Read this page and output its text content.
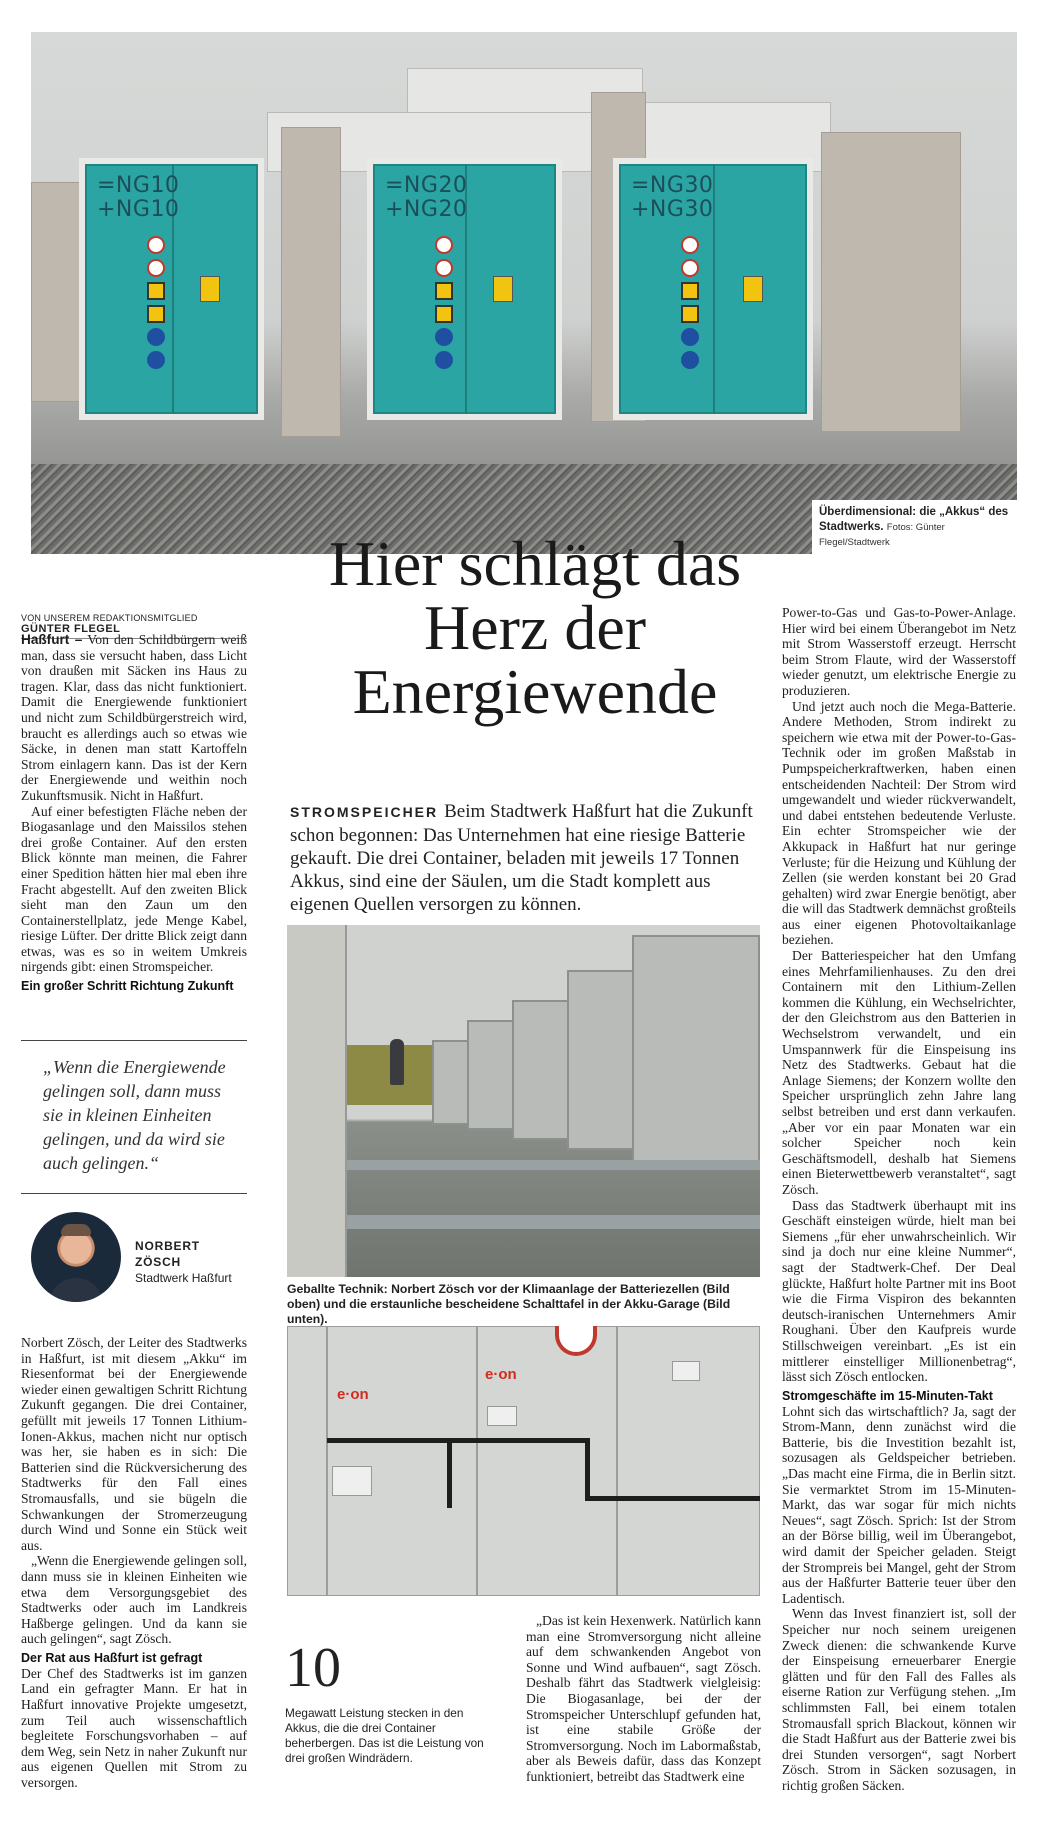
=NG10
+NG10
=NG20
+NG20
=NG30
+NG30
Überdimensional: die „Akkus“ des Stadtwerks. Fotos: Günter Flegel/Stadtwerk
Hier schlägt das Herz der Energiewende
STROMSPEICHER Beim Stadtwerk Haßfurt hat die Zukunft schon begonnen: Das Unternehmen hat eine riesige Batterie gekauft. Die drei Container, beladen mit jeweils 17 Tonnen Akkus, sind eine der Säulen, um die Stadt komplett aus eigenen Quellen versorgen zu können.
VON UNSEREM REDAKTIONSMITGLIED GÜNTER FLEGEL

Haßfurt – Von den Schildbürgern weiß man, dass sie versucht haben, dass Licht von draußen mit Säcken ins Haus zu tragen. Klar, dass das nicht funktioniert. Damit die Energiewende funktioniert und nicht zum Schildbürgerstreich wird, braucht es allerdings auch so etwas wie Säcke, in denen man statt Kartoffeln Strom einlagern kann. Das ist der Kern der Energiewende und weithin noch Zukunftsmusik. Nicht in Haßfurt.

Auf einer befestigten Fläche neben der Biogasanlage und den Maissilos stehen drei große Container. Auf den ersten Blick könnte man meinen, die Fahrer einer Spedition hätten hier mal eben ihre Fracht abgestellt. Auf den zweiten Blick sieht man den Zaun um den Containerstellplatz, jede Menge Kabel, riesige Lüfter. Der dritte Blick zeigt dann etwas, was es so in weitem Umkreis nirgends gibt: einen Stromspeicher.

Ein großer Schritt Richtung Zukunft
„Wenn die Energiewende gelingen soll, dann muss sie in kleinen Einheiten gelingen, und da wird sie auch gelingen.“
NORBERT ZÖSCH
Stadtwerk Haßfurt

Norbert Zösch, der Leiter des Stadtwerks in Haßfurt, ist mit diesem „Akku“ im Riesenformat bei der Energiewende wieder einen gewaltigen Schritt Richtung Zukunft gegangen. Die drei Container, gefüllt mit jeweils 17 Tonnen Lithium-Ionen-Akkus, machen nicht nur optisch was her, sie haben es in sich: Die Batterien sind die Rückversicherung des Stadtwerks für den Fall eines Stromausfalls, und sie bügeln die Schwankungen der Stromerzeugung durch Wind und Sonne ein Stück weit aus.

„Wenn die Energiewende gelingen soll, dann muss sie in kleinen Einheiten wie etwa dem Versorgungsgebiet des Stadtwerks oder auch im Landkreis Haßberge gelingen. Und da kann sie auch gelingen“, sagt Zösch.

Der Rat aus Haßfurt ist gefragt

Der Chef des Stadtwerks ist im ganzen Land ein gefragter Mann. Er hat in Haßfurt innovative Projekte umgesetzt, zum Teil auch wissenschaftlich begleitete Forschungsvorhaben – auf dem Weg, sein Netz in naher Zukunft nur aus eigenen Quellen mit Strom zu versorgen.

Geballte Technik: Norbert Zösch vor der Klimaanlage der Batteriezellen (Bild oben) und die erstaunliche bescheidene Schalttafel in der Akku-Garage (Bild unten).
e·on
e·on
10
Megawatt Leistung stecken in den Akkus, die die drei Container beherbergen. Das ist die Leistung von drei großen Windrädern.

„Das ist kein Hexenwerk. Natürlich kann man eine Stromversorgung nicht alleine auf dem schwankenden Angebot von Sonne und Wind aufbauen“, sagt Zösch. Deshalb fährt das Stadtwerk vielgleisig: Die Biogasanlage, bei der der Stromspeicher Unterschlupf gefunden hat, ist eine stabile Größe der Stromversorgung. Noch im Labormaßstab, aber als Beweis dafür, dass das Konzept funktioniert, betreibt das Stadtwerk eine

Power-to-Gas und Gas-to-Power-Anlage. Hier wird bei einem Überangebot im Netz mit Strom Wasserstoff erzeugt. Herrscht beim Strom Flaute, wird der Wasserstoff wieder genutzt, um elektrische Energie zu produzieren.

Und jetzt auch noch die Mega-Batterie. Andere Methoden, Strom indirekt zu speichern wie etwa mit der Power-to-Gas-Technik oder im großen Maßstab in Pumpspeicherkraftwerken, haben einen entscheidenden Nachteil: Der Strom wird umgewandelt und wieder rückverwandelt, und dabei entstehen bedeutende Verluste. Ein echter Stromspeicher wie der Akkupack in Haßfurt hat nur geringe Verluste; für die Heizung und Kühlung der Zellen (sie werden konstant bei 20 Grad gehalten) wird zwar Energie benötigt, aber die will das Stadtwerk demnächst großteils aus einer eigenen Photovoltaikanlage beziehen.

Der Batteriespeicher hat den Umfang eines Mehrfamilienhauses. Zu den drei Containern mit den Lithium-Zellen kommen die Kühlung, ein Wechselrichter, der den Gleichstrom aus den Batterien in Wechselstrom verwandelt, und ein Umspannwerk für die Einspeisung ins Netz des Stadtwerks. Gebaut hat die Anlage Siemens; der Konzern wollte den Speicher ursprünglich zehn Jahre lang selbst betreiben und erst dann verkaufen. „Aber vor ein paar Monaten war ein solcher Speicher noch kein Geschäftsmodell, deshalb hat Siemens einen Bieterwettbewerb veranstaltet“, sagt Zösch.

Dass das Stadtwerk überhaupt mit ins Geschäft einsteigen würde, hielt man bei Siemens „für eher unwahrscheinlich. Wir sind ja doch nur eine kleine Nummer“, sagt der Stadtwerk-Chef. Der Deal glückte, Haßfurt holte Partner mit ins Boot wie die Firma Vispiron des bekannten deutsch-iranischen Unternehmers Amir Roughani. Über den Kaufpreis wurde Stillschweigen vereinbart. „Es ist ein mittlerer einstelliger Millionenbetrag“, lässt sich Zösch entlocken.

Stromgeschäfte im 15-Minuten-Takt

Lohnt sich das wirtschaftlich? Ja, sagt der Strom-Mann, denn zunächst wird die Batterie, bis die Investition bezahlt ist, sozusagen als Geldspeicher betrieben. „Das macht eine Firma, die in Berlin sitzt. Sie vermarktet Strom im 15-Minuten-Markt, das war sogar für mich nichts Neues“, sagt Zösch. Sprich: Ist der Strom an der Börse billig, weil im Überangebot, wird damit der Speicher geladen. Steigt der Strompreis bei Mangel, geht der Strom aus der Haßfurter Batterie teuer über den Ladentisch.

Wenn das Invest finanziert ist, soll der Speicher nur noch seinem ureigenen Zweck dienen: die schwankende Kurve der Einspeisung erneuerbarer Energie glätten und für den Fall des Falles als eiserne Ration zur Verfügung stehen. „Im schlimmsten Fall, bei einem totalen Stromausfall sprich Blackout, können wir die Stadt Haßfurt aus der Batterie zwei bis drei Stunden versorgen“, sagt Norbert Zösch. Strom in Säcken sozusagen, in richtig großen Säcken.
